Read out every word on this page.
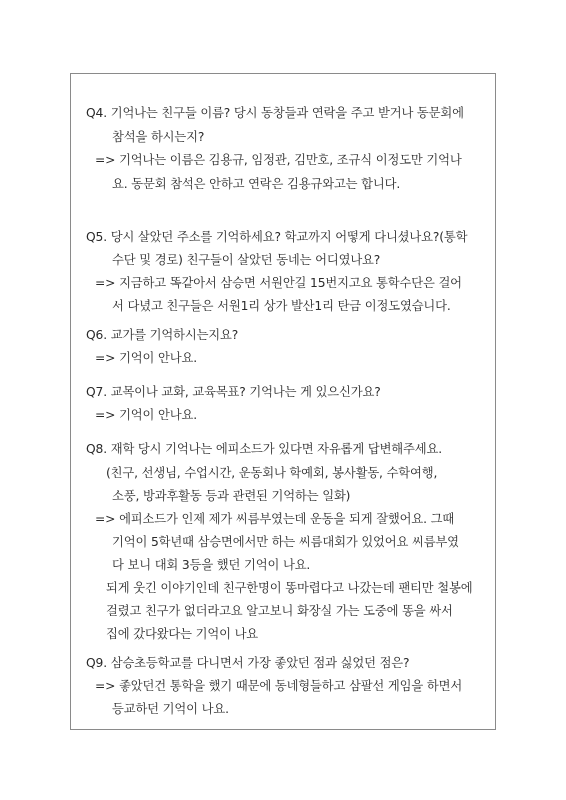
Q4. 기억나는 친구들 이름? 당시 동창들과 연락을 주고 받거나 동문회에
참석을 하시는지?
=> 기억나는 이름은 김용규, 임정관, 김만호, 조규식 이정도만 기억나
요. 동문회 참석은 안하고 연락은 김용규와고는 합니다.
Q5. 당시 살았던 주소를 기억하세요? 학교까지 어떻게 다니셨나요?(통학
수단 및 경로) 친구들이 살았던 동네는 어디였나요?
=> 지금하고 똑같아서 삼승면 서원안길 15번지고요 통학수단은 걸어
서 다녔고 친구들은 서원1리 상가 발산1리 탄금 이정도였습니다.
Q6. 교가를 기억하시는지요?
=> 기억이 안나요.
Q7. 교목이나 교화, 교육목표? 기억나는 게 있으신가요?
=> 기억이 안나요.
Q8. 재학 당시 기억나는 에피소드가 있다면 자유롭게 답변해주세요.
(친구, 선생님, 수업시간, 운동회나 학예회, 봉사활동, 수학여행,
소풍, 방과후활동 등과 관련된 기억하는 일화)
=> 에피소드가 인제 제가 씨름부였는데 운동을 되게 잘했어요. 그때
기억이 5학년때 삼승면에서만 하는 씨름대회가 있었어요 씨름부였
다 보니 대회 3등을 했던 기억이 나요.
되게 웃긴 이야기인데 친구한명이 똥마렵다고 나갔는데 팬티만 철봉에
걸렸고 친구가 없더라고요 알고보니 화장실 가는 도중에 똥을 싸서
집에 갔다왔다는 기억이 나요
Q9. 삼승초등학교를 다니면서 가장 좋았던 점과 싫었던 점은?
=> 좋았던건 통학을 했기 때문에 동네형들하고 삼팔선 게임을 하면서
등교하던 기억이 나요.
